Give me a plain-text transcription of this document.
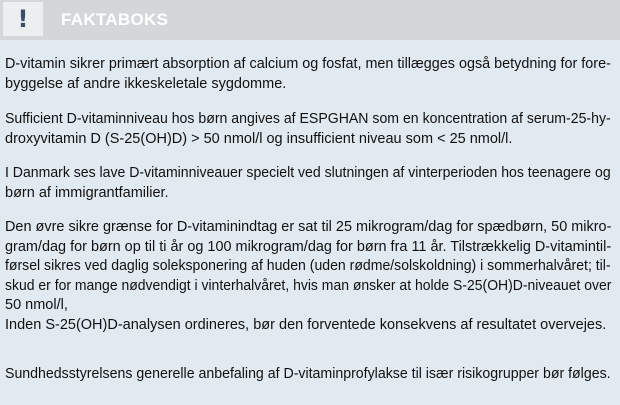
! FAKTABOKS

D-vitamin sikrer primært absorption af calcium og fosfat, men tillægges også betydning for fore-
byggelse af andre ikkeskeletale sygdomme.

Sufficient D-vitaminniveau hos børn angives af ESPGHAN som en koncentration af serum-25-hy-
droxyvitamin D (S-25(OH)D) > 50 nmol/l og insufficient niveau som < 25 nmol/l.

I Danmark ses lave D-vitaminniveauer specielt ved slutningen af vinterperioden hos teenagere og
børn af immigrantfamilier.

Den øvre sikre grænse for D-vitaminindtag er sat til 25 mikrogram/dag for spædbørn, 50 mikro-
gram/dag for børn op til ti år og 100 mikrogram/dag for børn fra 11 år. Tilstrækkelig D-vitamintil-
førsel sikres ved daglig soleksponering af huden (uden rødme/solskoldning) i sommerhalvåret; til-
skud er for mange nødvendigt i vinterhalvåret, hvis man ønsker at holde S-25(OH)D-niveauet over
50 nmol/l,
Inden S-25(OH)D-analysen ordineres, bør den forventede konsekvens af resultatet overvejes.

Sundhedsstyrelsens generelle anbefaling af D-vitaminprofylakse til især risikogrupper bør følges.
